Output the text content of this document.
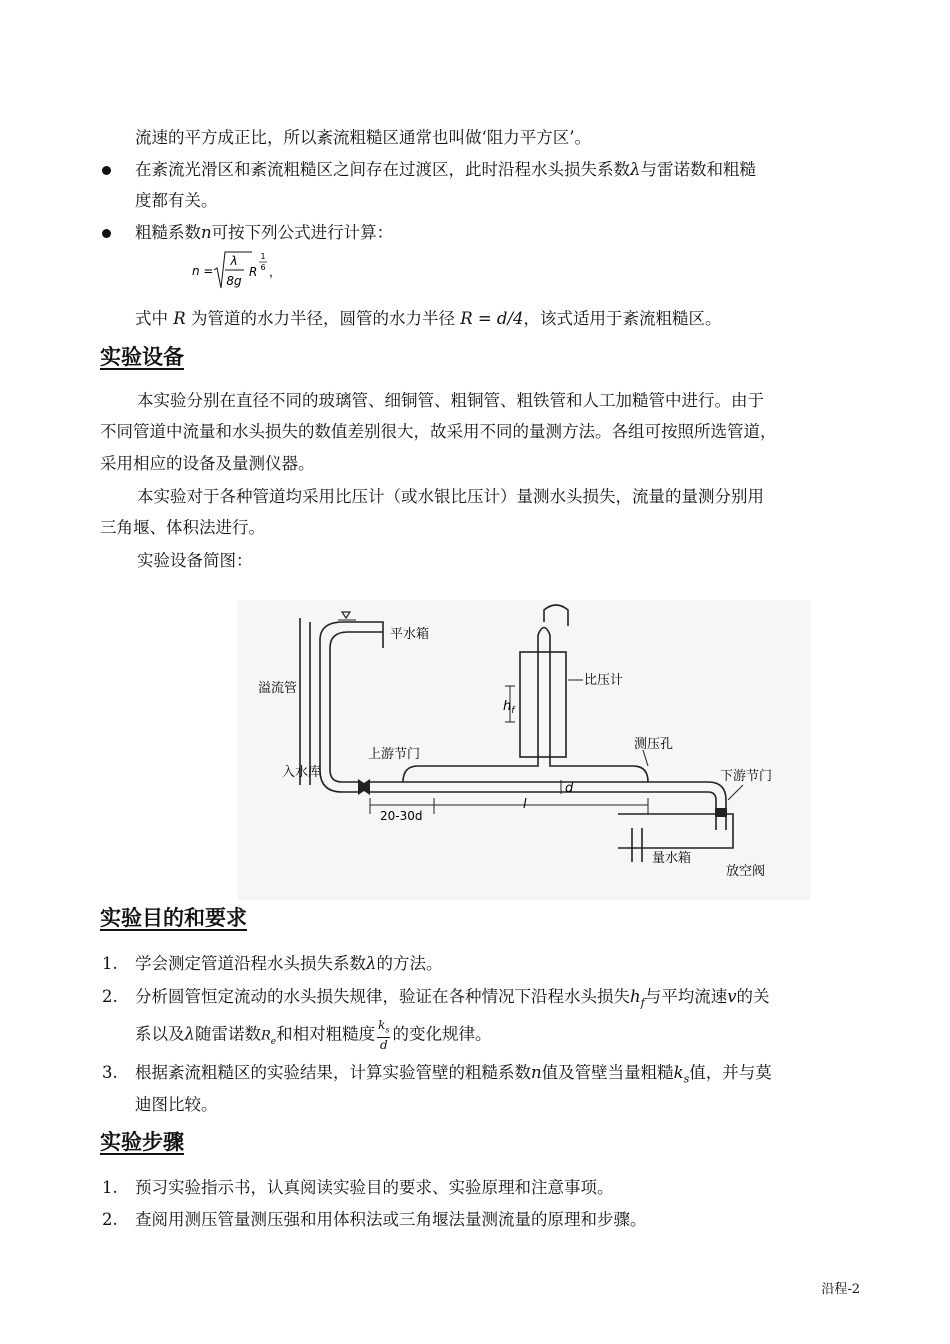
流速的平方成正比，所以紊流粗糙区通常也叫做‘阻力平方区’。
在紊流光滑区和紊流粗糙区之间存在过渡区，此时沿程水头损失系数λ与雷诺数和粗糙
度都有关。
粗糙系数n可按下列公式进行计算：
n =
λ
8g
R
1
6 ，
式中 R 为管道的水力半径，圆管的水力半径 R = d/4，该式适用于紊流粗糙区。
实验设备
本实验分别在直径不同的玻璃管、细铜管、粗铜管、粗铁管和人工加糙管中进行。由于
不同管道中流量和水头损失的数值差别很大，故采用不同的量测方法。各组可按照所选管道，
采用相应的设备及量测仪器。
本实验对于各种管道均采用比压计（或水银比压计）量测水头损失，流量的量测分别用
三角堰、体积法进行。
实验设备简图：
平水箱
溢流管
入水库
上游节门
比压计
$h_f$
测压孔
下游节门
d
20-30d
l
量水箱
放空阀
实验目的和要求
1. 学会测定管道沿程水头损失系数λ的方法。
2. 分析圆管恒定流动的水头损失规律，验证在各种情况下沿程水头损失$h_f$与平均流速v的关
系以及λ随雷诺数$R_e$和相对粗糙度 $\frac{k_s}{d}$ 的变化规律。
3. 根据紊流粗糙区的实验结果，计算实验管壁的粗糙系数n值及管壁当量粗糙$k_s$值，并与莫
迪图比较。
实验步骤
1. 预习实验指示书，认真阅读实验目的要求、实验原理和注意事项。
2. 查阅用测压管量测压强和用体积法或三角堰法量测流量的原理和步骤。
沿程-2
